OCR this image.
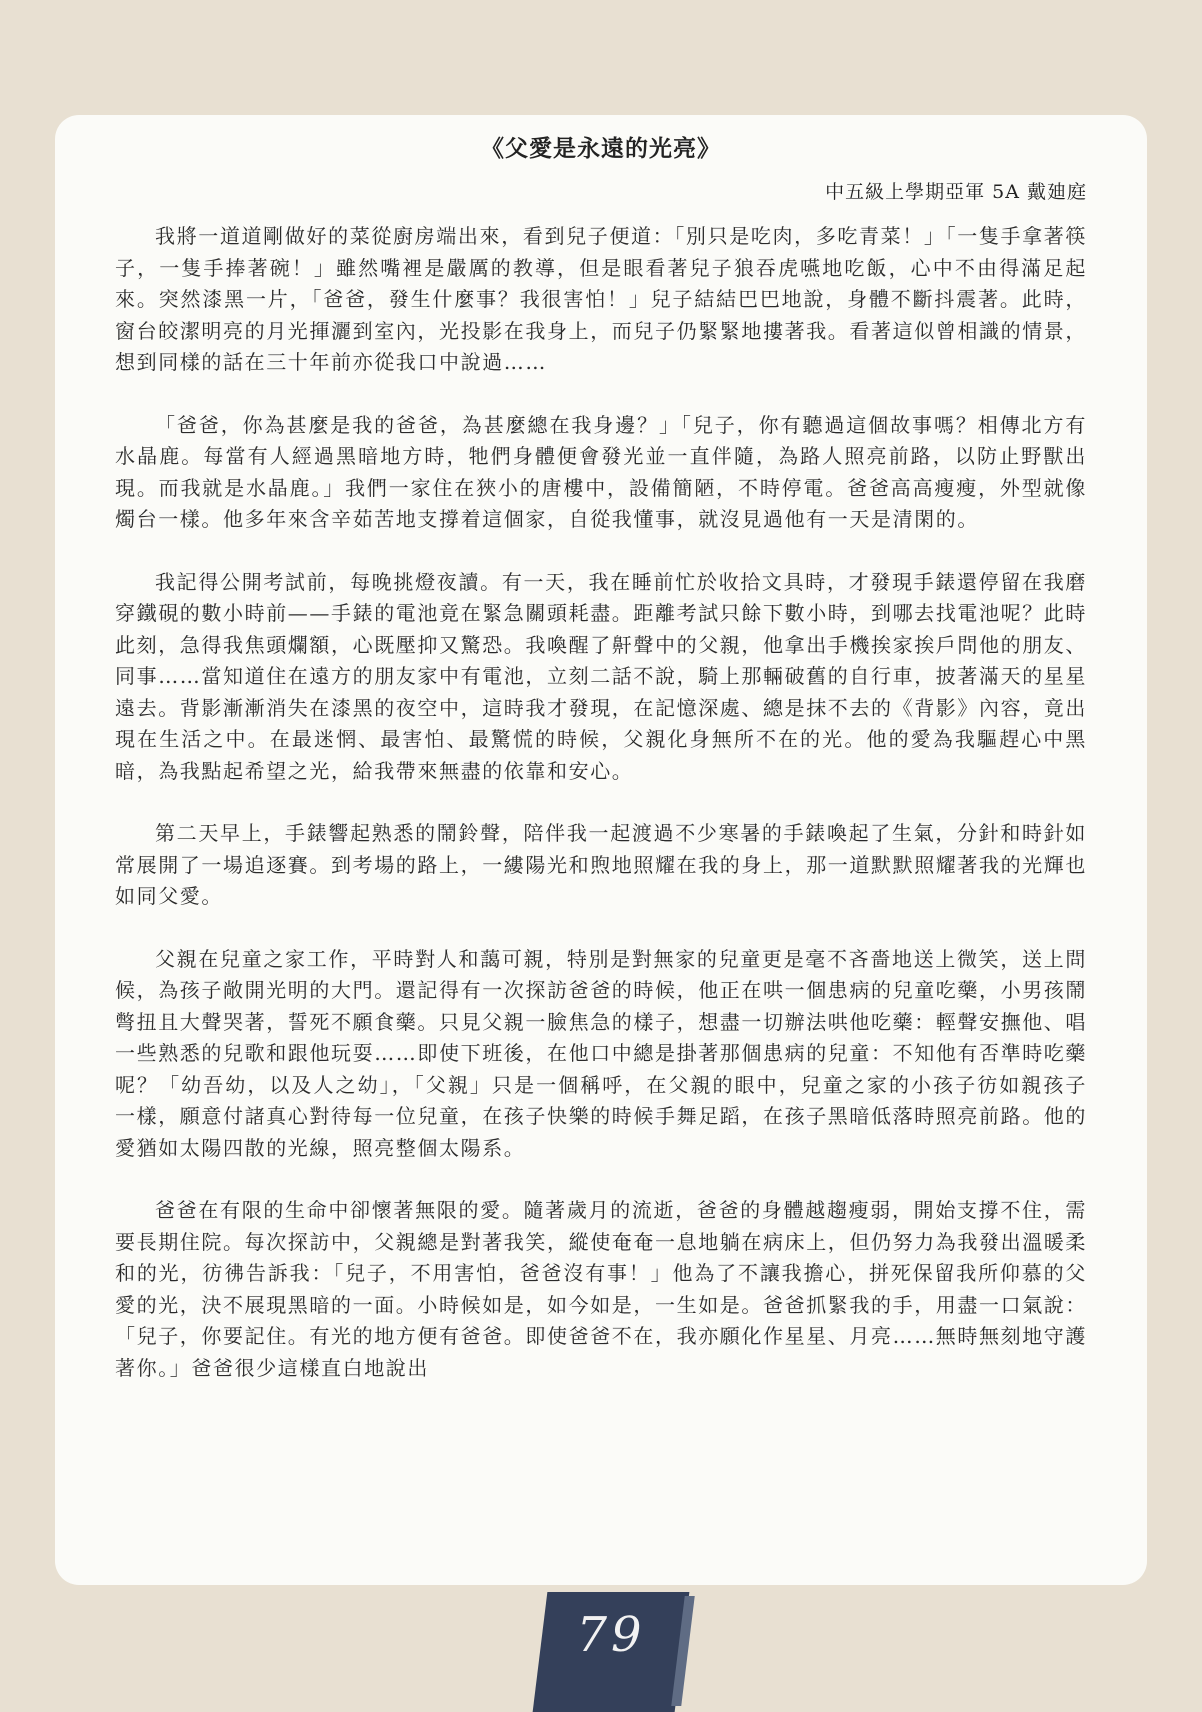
《父愛是永遠的光亮》
中五級上學期亞軍 5A 戴廸庭

我將一道道剛做好的菜從廚房端出來，看到兒子便道：「別只是吃肉，多吃青菜！」「一隻手拿著筷子，一隻手捧著碗！」雖然嘴裡是嚴厲的教導，但是眼看著兒子狼吞虎嚥地吃飯，心中不由得滿足起來。突然漆黑一片，「爸爸，發生什麼事？我很害怕！」兒子結結巴巴地說，身體不斷抖震著。此時，窗台皎潔明亮的月光揮灑到室內，光投影在我身上，而兒子仍緊緊地摟著我。看著這似曾相識的情景，想到同樣的話在三十年前亦從我口中說過……

「爸爸，你為甚麼是我的爸爸，為甚麼總在我身邊？」「兒子，你有聽過這個故事嗎？相傳北方有水晶鹿。每當有人經過黑暗地方時，牠們身體便會發光並一直伴隨，為路人照亮前路，以防止野獸出現。而我就是水晶鹿。」我們一家住在狹小的唐樓中，設備簡陋，不時停電。爸爸高高瘦瘦，外型就像燭台一樣。他多年來含辛茹苦地支撐着這個家，自從我懂事，就沒見過他有一天是清閑的。

我記得公開考試前，每晚挑燈夜讀。有一天，我在睡前忙於收拾文具時，才發現手錶還停留在我磨穿鐵硯的數小時前——手錶的電池竟在緊急關頭耗盡。距離考試只餘下數小時，到哪去找電池呢？此時此刻，急得我焦頭爛額，心既壓抑又驚恐。我喚醒了鼾聲中的父親，他拿出手機挨家挨戶問他的朋友、同事……當知道住在遠方的朋友家中有電池，立刻二話不說，騎上那輛破舊的自行車，披著滿天的星星遠去。背影漸漸消失在漆黑的夜空中，這時我才發現，在記憶深處、總是抹不去的《背影》內容，竟出現在生活之中。在最迷惘、最害怕、最驚慌的時候，父親化身無所不在的光。他的愛為我驅趕心中黑暗，為我點起希望之光，給我帶來無盡的依靠和安心。

第二天早上，手錶響起熟悉的鬧鈴聲，陪伴我一起渡過不少寒暑的手錶喚起了生氣，分針和時針如常展開了一場追逐賽。到考場的路上，一縷陽光和煦地照耀在我的身上，那一道默默照耀著我的光輝也如同父愛。

父親在兒童之家工作，平時對人和藹可親，特別是對無家的兒童更是毫不吝嗇地送上微笑，送上問候，為孩子敞開光明的大門。還記得有一次探訪爸爸的時候，他正在哄一個患病的兒童吃藥，小男孩鬧彆扭且大聲哭著，誓死不願食藥。只見父親一臉焦急的樣子，想盡一切辦法哄他吃藥：輕聲安撫他、唱一些熟悉的兒歌和跟他玩耍……即使下班後，在他口中總是掛著那個患病的兒童：不知他有否準時吃藥呢？「幼吾幼，以及人之幼」，「父親」只是一個稱呼，在父親的眼中，兒童之家的小孩子彷如親孩子一樣，願意付諸真心對待每一位兒童，在孩子快樂的時候手舞足蹈，在孩子黑暗低落時照亮前路。他的愛猶如太陽四散的光線，照亮整個太陽系。

爸爸在有限的生命中卻懷著無限的愛。隨著歲月的流逝，爸爸的身體越趨瘦弱，開始支撐不住，需要長期住院。每次探訪中，父親總是對著我笑，縱使奄奄一息地躺在病床上，但仍努力為我發出溫暖柔和的光，彷彿告訴我：「兒子，不用害怕，爸爸沒有事！」他為了不讓我擔心，拼死保留我所仰慕的父愛的光，決不展現黑暗的一面。小時候如是，如今如是，一生如是。爸爸抓緊我的手，用盡一口氣說：「兒子，你要記住。有光的地方便有爸爸。即使爸爸不在，我亦願化作星星、月亮……無時無刻地守護著你。」爸爸很少這樣直白地說出

79
